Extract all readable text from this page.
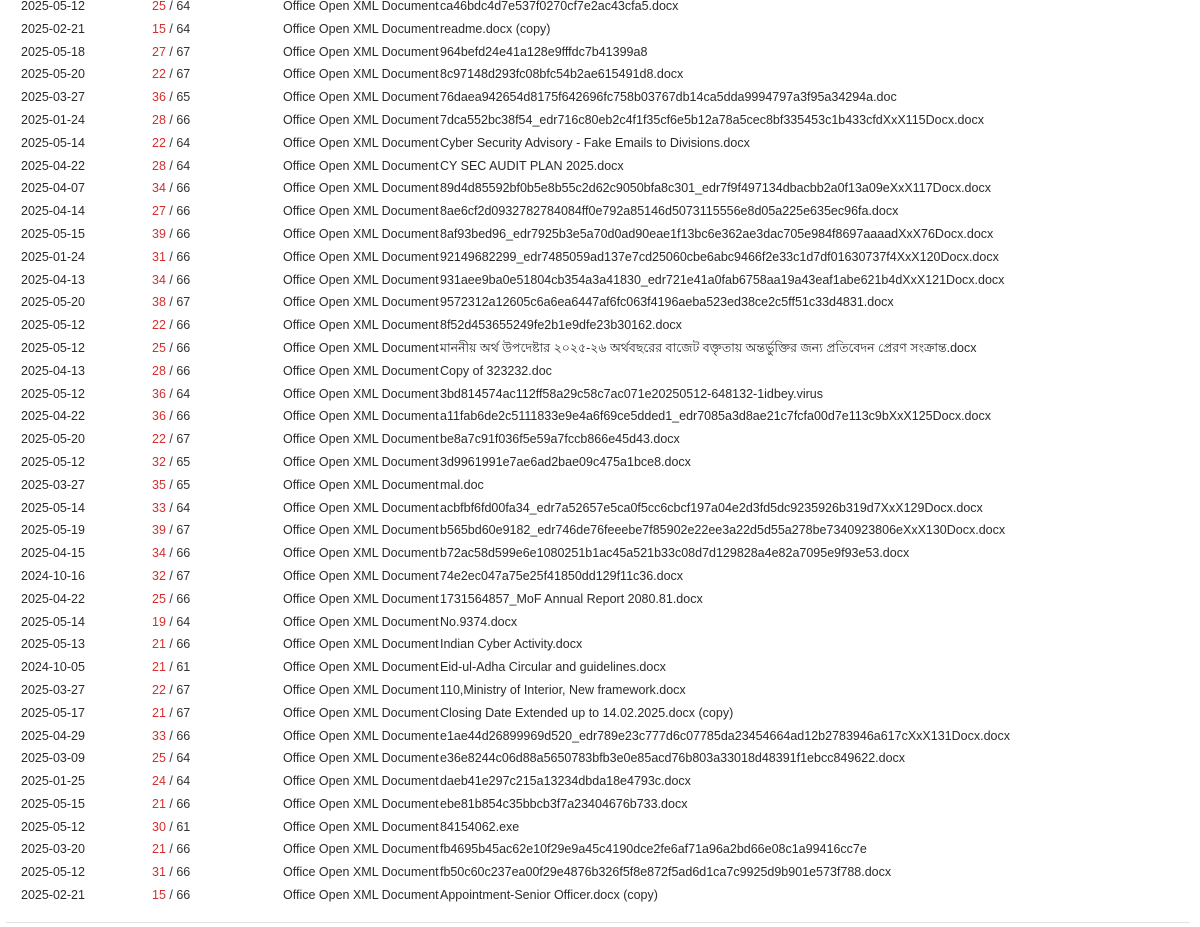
2025-05-12	25 / 64	Office Open XML Document ca46bdc4d7e537f0270cf7e2ac43cfa5.docx
2025-02-21	15 / 64	Office Open XML Document readme.docx (copy)
2025-05-18	27 / 67	Office Open XML Document 964befd24e41a128e9fffdc7b41399a8
2025-05-20	22 / 67	Office Open XML Document 8c97148d293fc08bfc54b2ae615491d8.docx
2025-03-27	36 / 65	Office Open XML Document 76daea942654d8175f642696fc758b03767db14ca5dda9994797a3f95a34294a.doc
2025-01-24	28 / 66	Office Open XML Document 7dca552bc38f54_edr716c80eb2c4f1f35cf6e5b12a78a5cec8bf335453c1b433cfdXxX115Docx.docx
2025-05-14	22 / 64	Office Open XML Document Cyber Security Advisory - Fake Emails to Divisions.docx
2025-04-22	28 / 64	Office Open XML Document CY SEC AUDIT PLAN 2025.docx
2025-04-07	34 / 66	Office Open XML Document 89d4d85592bf0b5e8b55c2d62c9050bfa8c301_edr7f9f497134dbacbb2a0f13a09eXxX117Docx.docx
2025-04-14	27 / 66	Office Open XML Document 8ae6cf2d0932782784084ff0e792a85146d5073115556e8d05a225e635ec96fa.docx
2025-05-15	39 / 66	Office Open XML Document 8af93bed96_edr7925b3e5a70d0ad90eae1f13bc6e362ae3dac705e984f8697aaaadXxX76Docx.docx
2025-01-24	31 / 66	Office Open XML Document 92149682299_edr7485059ad137e7cd25060cbe6abc9466f2e33c1d7df01630737f4XxX120Docx.docx
2025-04-13	34 / 66	Office Open XML Document 931aee9ba0e51804cb354a3a41830_edr721e41a0fab6758aa19a43eaf1abe621b4dXxX121Docx.docx
2025-05-20	38 / 67	Office Open XML Document 9572312a12605c6a6ea6447af6fc063f4196aeba523ed38ce2c5ff51c33d4831.docx
2025-05-12	22 / 66	Office Open XML Document 8f52d453655249fe2b1e9dfe23b30162.docx
2025-05-12	25 / 66	Office Open XML Document মাননীয় অর্থ উপদেষ্টার ২০২৫-২৬ অর্থবছরের বাজেট বক্তৃতায় অন্তর্ভুক্তির জন্য প্রতিবেদন প্রেরণ সংক্রান্ত.docx
2025-04-13	28 / 66	Office Open XML Document Copy of 323232.doc
2025-05-12	36 / 64	Office Open XML Document 3bd814574ac112ff58a29c58c7ac071e20250512-648132-1idbey.virus
2025-04-22	36 / 66	Office Open XML Document a11fab6de2c5111833e9e4a6f69ce5dded1_edr7085a3d8ae21c7fcfa00d7e113c9bXxX125Docx.docx
2025-05-20	22 / 67	Office Open XML Document be8a7c91f036f5e59a7fccb866e45d43.docx
2025-05-12	32 / 65	Office Open XML Document 3d9961991e7ae6ad2bae09c475a1bce8.docx
2025-03-27	35 / 65	Office Open XML Document mal.doc
2025-05-14	33 / 64	Office Open XML Document acbfbf6fd00fa34_edr7a52657e5ca0f5cc6cbcf197a04e2d3fd5dc9235926b319d7XxX129Docx.docx
2025-05-19	39 / 67	Office Open XML Document b565bd60e9182_edr746de76feeebe7f85902e22ee3a22d5d55a278be7340923806eXxX130Docx.docx
2025-04-15	34 / 66	Office Open XML Document b72ac58d599e6e1080251b1ac45a521b33c08d7d129828a4e82a7095e9f93e53.docx
2024-10-16	32 / 67	Office Open XML Document 74e2ec047a75e25f41850dd129f11c36.docx
2025-04-22	25 / 66	Office Open XML Document 1731564857_MoF Annual Report 2080.81.docx
2025-05-14	19 / 64	Office Open XML Document No.9374.docx
2025-05-13	21 / 66	Office Open XML Document Indian Cyber Activity.docx
2024-10-05	21 / 61	Office Open XML Document Eid-ul-Adha Circular and guidelines.docx
2025-03-27	22 / 67	Office Open XML Document 110,Ministry of Interior, New framework.docx
2025-05-17	21 / 67	Office Open XML Document Closing Date Extended up to 14.02.2025.docx (copy)
2025-04-29	33 / 66	Office Open XML Document e1ae44d26899969d520_edr789e23c777d6c07785da23454664ad12b2783946a617cXxX131Docx.docx
2025-03-09	25 / 64	Office Open XML Document e36e8244c06d88a5650783bfb3e0e85acd76b803a33018d48391f1ebcc849622.docx
2025-01-25	24 / 64	Office Open XML Document daeb41e297c215a13234dbda18e4793c.docx
2025-05-15	21 / 66	Office Open XML Document ebe81b854c35bbcb3f7a23404676b733.docx
2025-05-12	30 / 61	Office Open XML Document 84154062.exe
2025-03-20	21 / 66	Office Open XML Document fb4695b45ac62e10f29e9a45c4190dce2fe6af71a96a2bd66e08c1a99416cc7e
2025-05-12	31 / 66	Office Open XML Document fb50c60c237ea00f29e4876b326f5f8e872f5ad6d1ca7c9925d9b901e573f788.docx
2025-02-21	15 / 66	Office Open XML Document Appointment-Senior Officer.docx (copy)
